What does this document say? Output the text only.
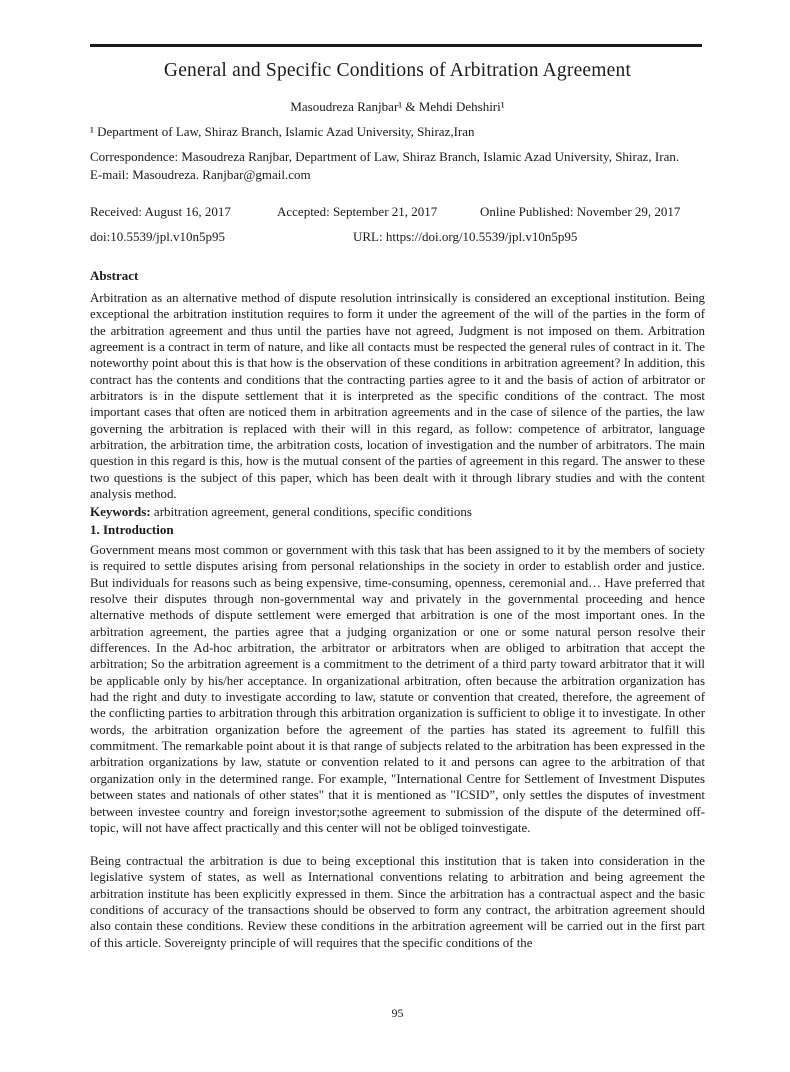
General and Specific Conditions of Arbitration Agreement

Masoudreza Ranjbar¹ & Mehdi Dehshiri¹

¹ Department of Law, Shiraz Branch, Islamic Azad University, Shiraz,Iran

Correspondence: Masoudreza Ranjbar, Department of Law, Shiraz Branch, Islamic Azad University, Shiraz, Iran.
E-mail: Masoudreza. Ranjbar@gmail.com

Received: August 16, 2017	Accepted: September 21, 2017	Online Published: November 29, 2017
doi:10.5539/jpl.v10n5p95	URL: https://doi.org/10.5539/jpl.v10n5p95
Abstract

Arbitration as an alternative method of dispute resolution intrinsically is considered an exceptional institution. Being exceptional the arbitration institution requires to form it under the agreement of the will of the parties in the form of the arbitration agreement and thus until the parties have not agreed, Judgment is not imposed on them. Arbitration agreement is a contract in term of nature, and like all contacts must be respected the general rules of contract in it. The noteworthy point about this is that how is the observation of these conditions in arbitration agreement? In addition, this contract has the contents and conditions that the contracting parties agree to it and the basis of action of arbitrator or arbitrators is in the dispute settlement that it is interpreted as the specific conditions of the contract. The most important cases that often are noticed them in arbitration agreements and in the case of silence of the parties, the law governing the arbitration is replaced with their will in this regard, as follow: competence of arbitrator, language arbitration, the arbitration time, the arbitration costs, location of investigation and the number of arbitrators. The main question in this regard is this, how is the mutual consent of the parties of agreement in this regard. The answer to these two questions is the subject of this paper, which has been dealt with it through library studies and with the content analysis method.

Keywords: arbitration agreement, general conditions, specific conditions

1. Introduction

Government means most common or government with this task that has been assigned to it by the members of society is required to settle disputes arising from personal relationships in the society in order to establish order and justice. But individuals for reasons such as being expensive, time-consuming, openness, ceremonial and… Have preferred that resolve their disputes through non-governmental way and privately in the governmental proceeding and hence alternative methods of dispute settlement were emerged that arbitration is one of the most important ones. In the arbitration agreement, the parties agree that a judging organization or one or some natural person resolve their differences. In the Ad-hoc arbitration, the arbitrator or arbitrators when are obliged to arbitration that accept the arbitration; So the arbitration agreement is a commitment to the detriment of a third party toward arbitrator that it will be applicable only by his/her acceptance. In organizational arbitration, often because the arbitration organization has had the right and duty to investigate according to law, statute or convention that created, therefore, the agreement of the conflicting parties to arbitration through this arbitration organization is sufficient to oblige it to investigate. In other words, the arbitration organization before the agreement of the parties has stated its agreement to fulfill this commitment. The remarkable point about it is that range of subjects related to the arbitration has been expressed in the arbitration organizations by law, statute or convention related to it and persons can agree to the arbitration of that organization only in the determined range. For example, "International Centre for Settlement of Investment Disputes between states and nationals of other states" that it is mentioned as "ICSID”, only settles the disputes of investment between investee country and foreign investor;sothe agreement to submission of the dispute of the determined off-topic, will not have affect practically and this center will not be obliged toinvestigate.

Being contractual the arbitration is due to being exceptional this institution that is taken into consideration in the legislative system of states, as well as International conventions relating to arbitration and being agreement the arbitration institute has been explicitly expressed in them. Since the arbitration has a contractual aspect and the basic conditions of accuracy of the transactions should be observed to form any contract, the arbitration agreement should also contain these conditions. Review these conditions in the arbitration agreement will be carried out in the first part of this article. Sovereignty principle of will requires that the specific conditions of the

95
